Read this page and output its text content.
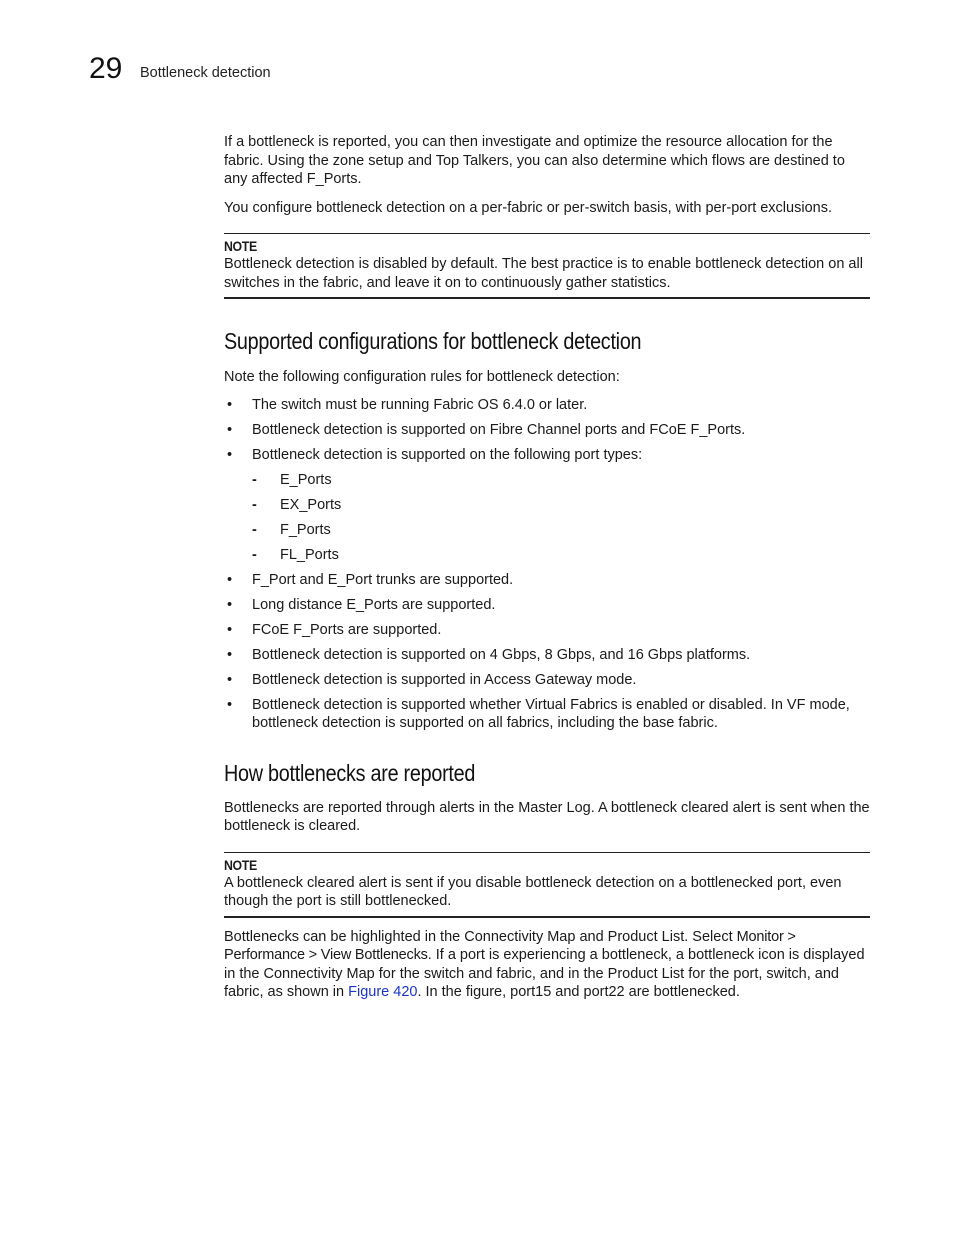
29 Bottleneck detection

If a bottleneck is reported, you can then investigate and optimize the resource allocation for the fabric. Using the zone setup and Top Talkers, you can also determine which flows are destined to any affected F_Ports.

You configure bottleneck detection on a per-fabric or per-switch basis, with per-port exclusions.

NOTE

Bottleneck detection is disabled by default. The best practice is to enable bottleneck detection on all switches in the fabric, and leave it on to continuously gather statistics.

Supported configurations for bottleneck detection

Note the following configuration rules for bottleneck detection:

• The switch must be running Fabric OS 6.4.0 or later.
• Bottleneck detection is supported on Fibre Channel ports and FCoE F_Ports.
• Bottleneck detection is supported on the following port types:
- E_Ports
- EX_Ports
- F_Ports
- FL_Ports
• F_Port and E_Port trunks are supported.
• Long distance E_Ports are supported.
• FCoE F_Ports are supported.
• Bottleneck detection is supported on 4 Gbps, 8 Gbps, and 16 Gbps platforms.
• Bottleneck detection is supported in Access Gateway mode.
• Bottleneck detection is supported whether Virtual Fabrics is enabled or disabled. In VF mode, bottleneck detection is supported on all fabrics, including the base fabric.
How bottlenecks are reported

Bottlenecks are reported through alerts in the Master Log. A bottleneck cleared alert is sent when the bottleneck is cleared.

NOTE

A bottleneck cleared alert is sent if you disable bottleneck detection on a bottlenecked port, even though the port is still bottlenecked.

Bottlenecks can be highlighted in the Connectivity Map and Product List. Select Monitor > Performance > View Bottlenecks. If a port is experiencing a bottleneck, a bottleneck icon is displayed in the Connectivity Map for the switch and fabric, and in the Product List for the port, switch, and fabric, as shown in Figure 420. In the figure, port15 and port22 are bottlenecked.
